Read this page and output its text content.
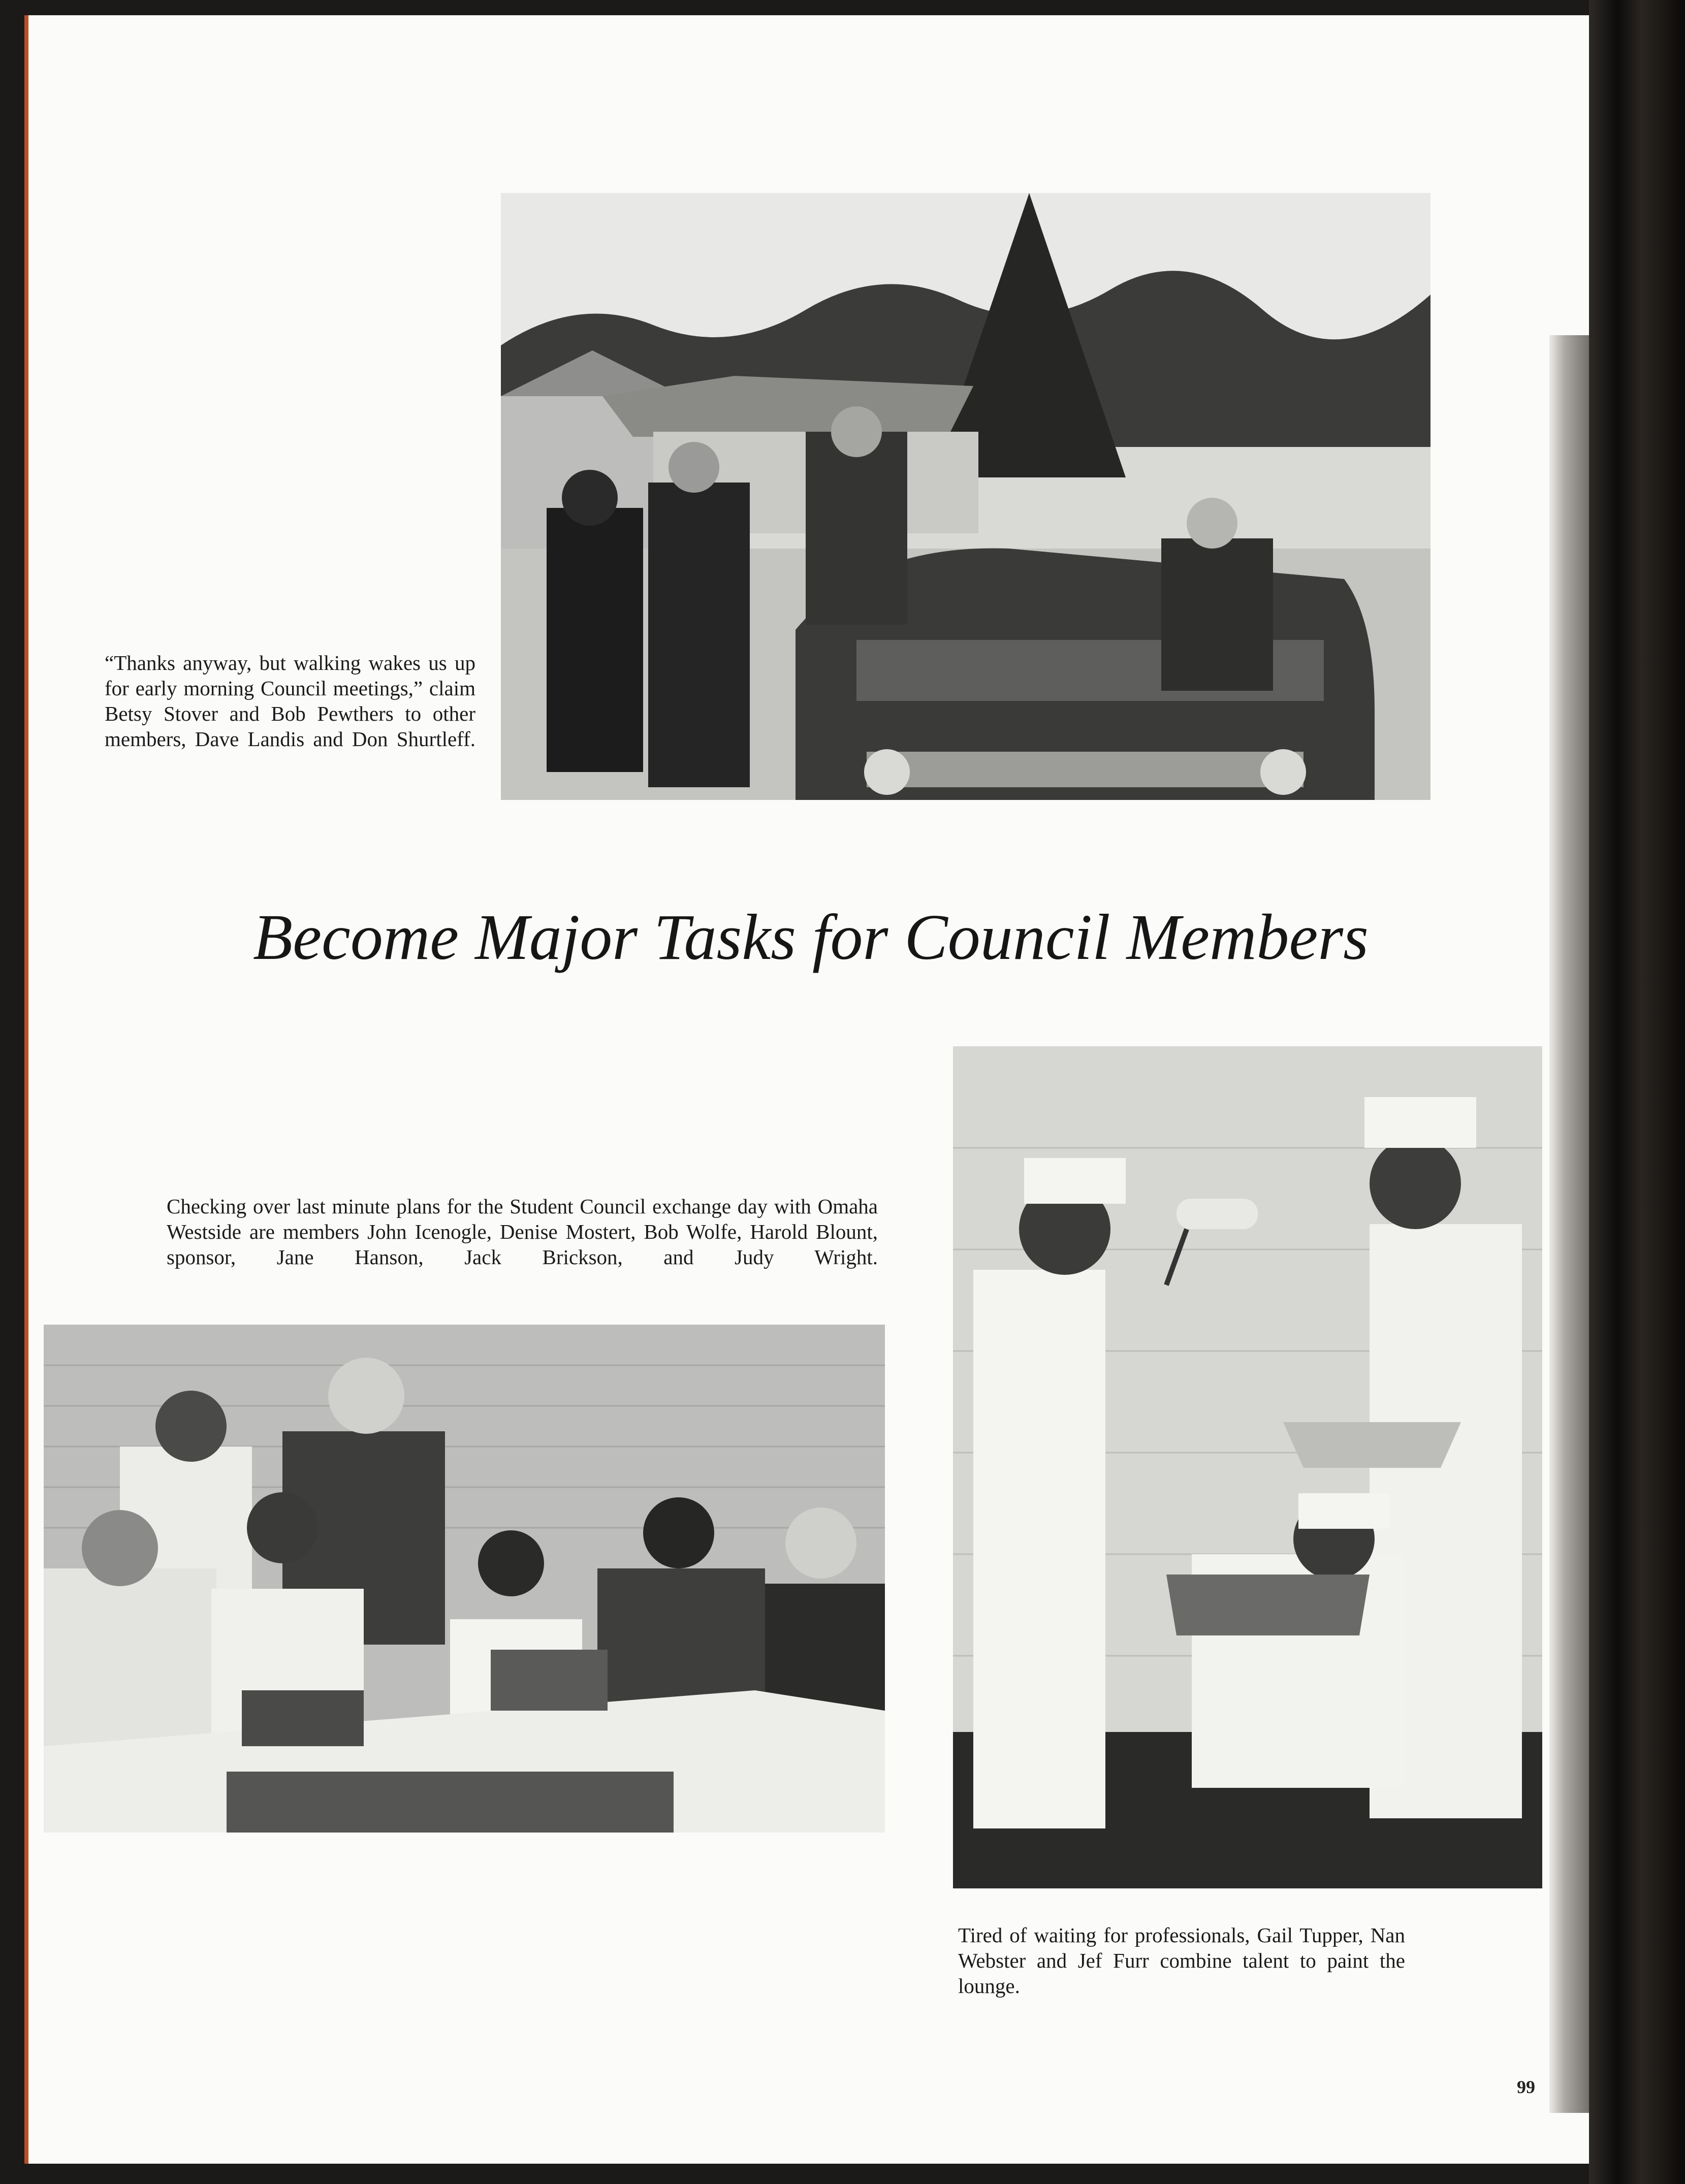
“Thanks anyway, but walking wakes us up for early morning Council meetings,” claim Betsy Stover and Bob Pewthers to other members, Dave Landis and Don Shurtleff.

Become Major Tasks for Council Members

Checking over last minute plans for the Student Council exchange day with Omaha Westside are members John Icenogle, Denise Mostert, Bob Wolfe, Harold Blount, sponsor, Jane Hanson, Jack Brickson, and Judy Wright.

Tired of waiting for professionals, Gail Tupper, Nan Webster and Jef Furr combine talent to paint the lounge.

99
